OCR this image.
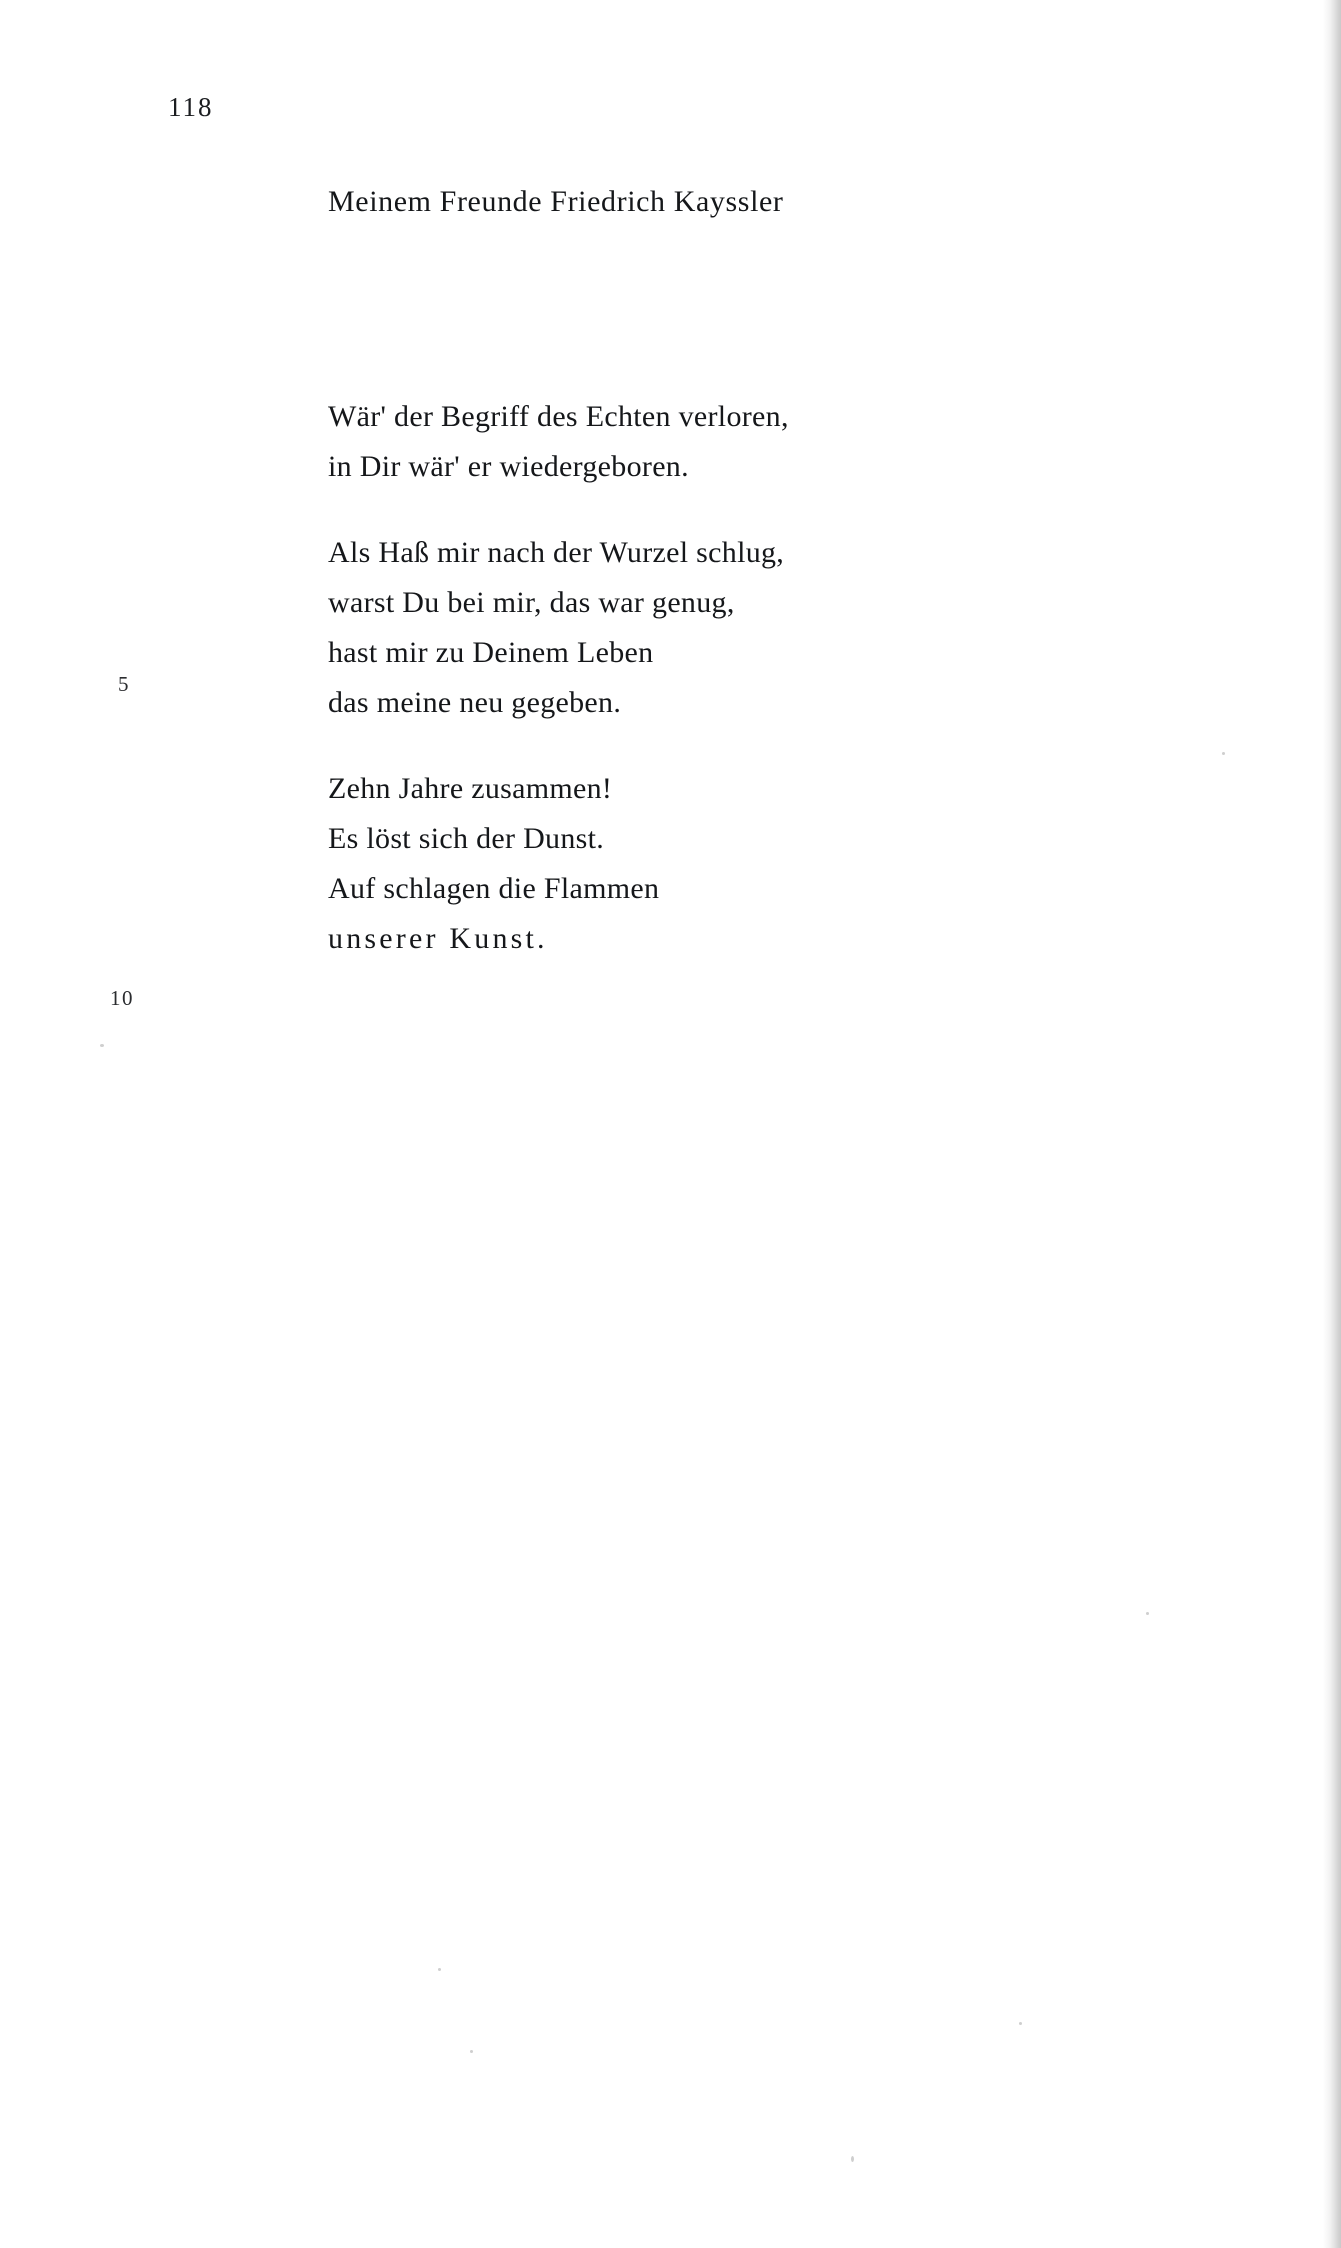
118
Meinem Freunde Friedrich Kayssler
Wär' der Begriff des Echten verloren,
in Dir wär' er wiedergeboren.
Als Haß mir nach der Wurzel schlug,
warst Du bei mir, das war genug,
hast mir zu Deinem Leben
das meine neu gegeben.
Zehn Jahre zusammen!
Es löst sich der Dunst.
Auf schlagen die Flammen
unserer Kunst.
5
10
